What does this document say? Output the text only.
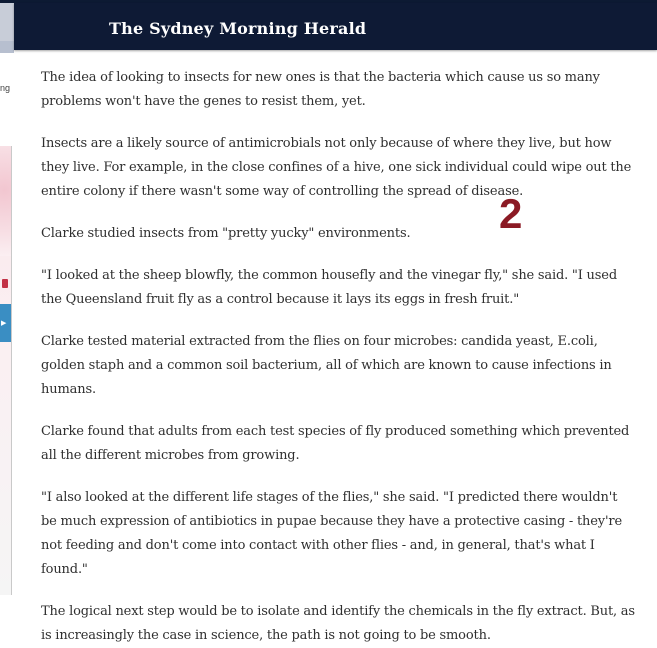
The Sydney Morning Herald
ng
▶

The idea of looking to insects for new ones is that the bacteria which cause us so many problems won't have the genes to resist them, yet.

Insects are a likely source of antimicrobials not only because of where they live, but how they live. For example, in the close confines of a hive, one sick individual could wipe out the entire colony if there wasn't some way of controlling the spread of disease.

Clarke studied insects from "pretty yucky" environments.

"I looked at the sheep blowfly, the common housefly and the vinegar fly," she said. "I used the Queensland fruit fly as a control because it lays its eggs in fresh fruit."

Clarke tested material extracted from the flies on four microbes: candida yeast, E.coli, golden staph and a common soil bacterium, all of which are known to cause infections in humans.

Clarke found that adults from each test species of fly produced something which prevented all the different microbes from growing.

"I also looked at the different life stages of the flies," she said. "I predicted there wouldn't be much expression of antibiotics in pupae because they have a protective casing - they're not feeding and don't come into contact with other flies - and, in general, that's what I found."

The logical next step would be to isolate and identify the chemicals in the fly extract. But, as is increasingly the case in science, the path is not going to be smooth.

2
